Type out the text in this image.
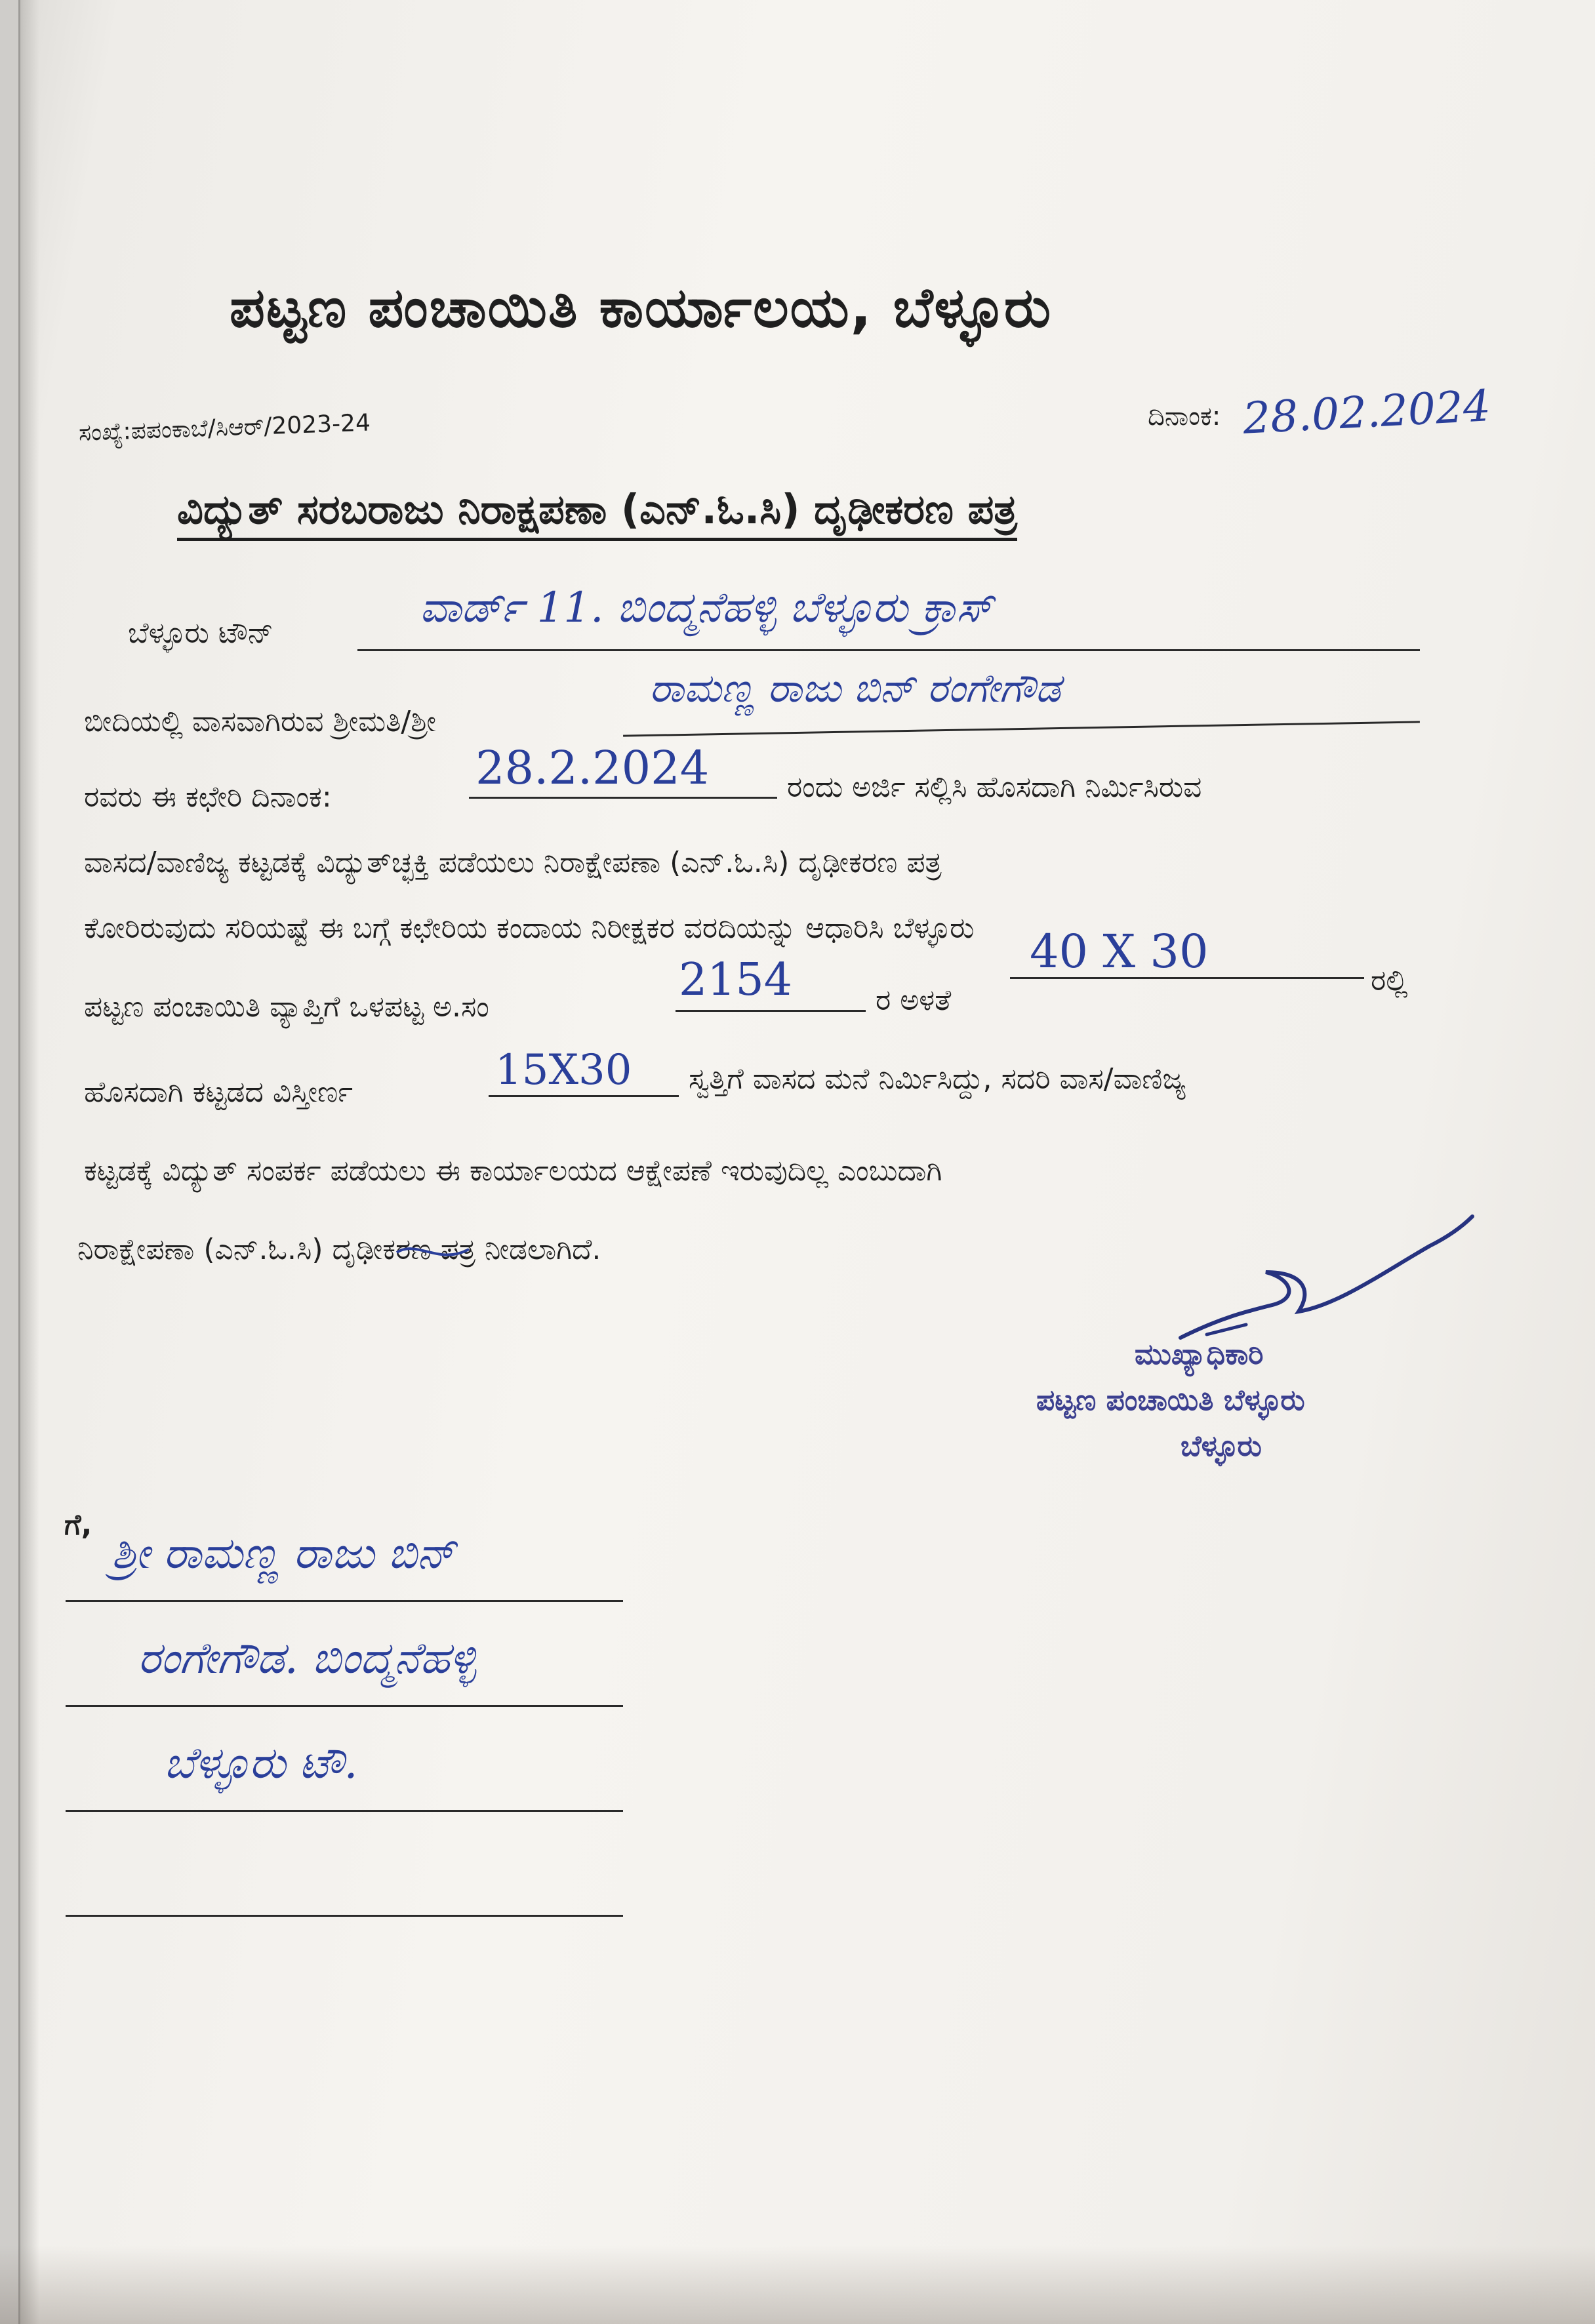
ಪಟ್ಟಣ ಪಂಚಾಯಿತಿ ಕಾರ್ಯಾಲಯ, ಬೆಳ್ಳೂರು
ಸಂಖ್ಯೆ:ಪಪಂಕಾಬೆ/ಸಿಆರ್/2023-24	ದಿನಾಂಕ: 28.02.2024
ವಿದ್ಯುತ್ ಸರಬರಾಜು ನಿರಾಕ್ಷಪಣಾ (ಎನ್.ಓ.ಸಿ) ದೃಢೀಕರಣ ಪತ್ರ
ಬೆಳ್ಳೂರು ಟೌನ್
ವಾರ್ಡ್ 11. ಬಿಂದ್ಮನೆಹಳ್ಳಿ ಬೆಳ್ಳೂರು ಕ್ರಾಸ್
ಬೀದಿಯಲ್ಲಿ ವಾಸವಾಗಿರುವ ಶ್ರೀಮತಿ/ಶ್ರೀ
ರಾಮಣ್ಣ ರಾಜು ಬಿನ್ ರಂಗೇಗೌಡ
ರವರು ಈ ಕಛೇರಿ ದಿನಾಂಕ:
28.2.2024	ರಂದು ಅರ್ಜಿ ಸಲ್ಲಿಸಿ ಹೊಸದಾಗಿ ನಿರ್ಮಿಸಿರುವ
ವಾಸದ/ವಾಣಿಜ್ಯ ಕಟ್ಟಡಕ್ಕೆ ವಿದ್ಯುತ್‌ಚ್ಛಕ್ತಿ ಪಡೆಯಲು ನಿರಾಕ್ಷೇಪಣಾ (ಎನ್.ಓ.ಸಿ) ದೃಢೀಕರಣ ಪತ್ರ
ಕೋರಿರುವುದು ಸರಿಯಷ್ಟೆ ಈ ಬಗ್ಗೆ ಕಛೇರಿಯ ಕಂದಾಯ ನಿರೀಕ್ಷಕರ ವರದಿಯನ್ನು ಆಧಾರಿಸಿ ಬೆಳ್ಳೂರು
ಪಟ್ಟಣ ಪಂಚಾಯಿತಿ ವ್ಯಾಪ್ತಿಗೆ ಒಳಪಟ್ಟ ಅ.ಸಂ
2154	ರ ಅಳತೆ
40 X 30
ರಲ್ಲಿ
ಹೊಸದಾಗಿ ಕಟ್ಟಡದ ವಿಸ್ತೀರ್ಣ	15X30 ಸ್ವತ್ತಿಗೆ ವಾಸದ ಮನೆ ನಿರ್ಮಿಸಿದ್ದು, ಸದರಿ ವಾಸ/ವಾಣಿಜ್ಯ
ಕಟ್ಟಡಕ್ಕೆ ವಿದ್ಯುತ್ ಸಂಪರ್ಕ ಪಡೆಯಲು ಈ ಕಾರ್ಯಾಲಯದ ಆಕ್ಷೇಪಣೆ ಇರುವುದಿಲ್ಲ ಎಂಬುದಾಗಿ
ನಿರಾಕ್ಷೇಪಣಾ (ಎನ್.ಓ.ಸಿ) ದೃಢೀಕರಣ ಪತ್ರ ನೀಡಲಾಗಿದೆ.
ಮುಖ್ಯಾಧಿಕಾರಿ
ಪಟ್ಟಣ ಪಂಚಾಯಿತಿ ಬೆಳ್ಳೂರು
ಬೆಳ್ಳೂರು
ಗೆ,
ಶ್ರೀ ರಾಮಣ್ಣ ರಾಜು ಬಿನ್
ರಂಗೇಗೌಡ. ಬಿಂದ್ಮನೆಹಳ್ಳಿ
ಬೆಳ್ಳೂರು ಟೌ.
